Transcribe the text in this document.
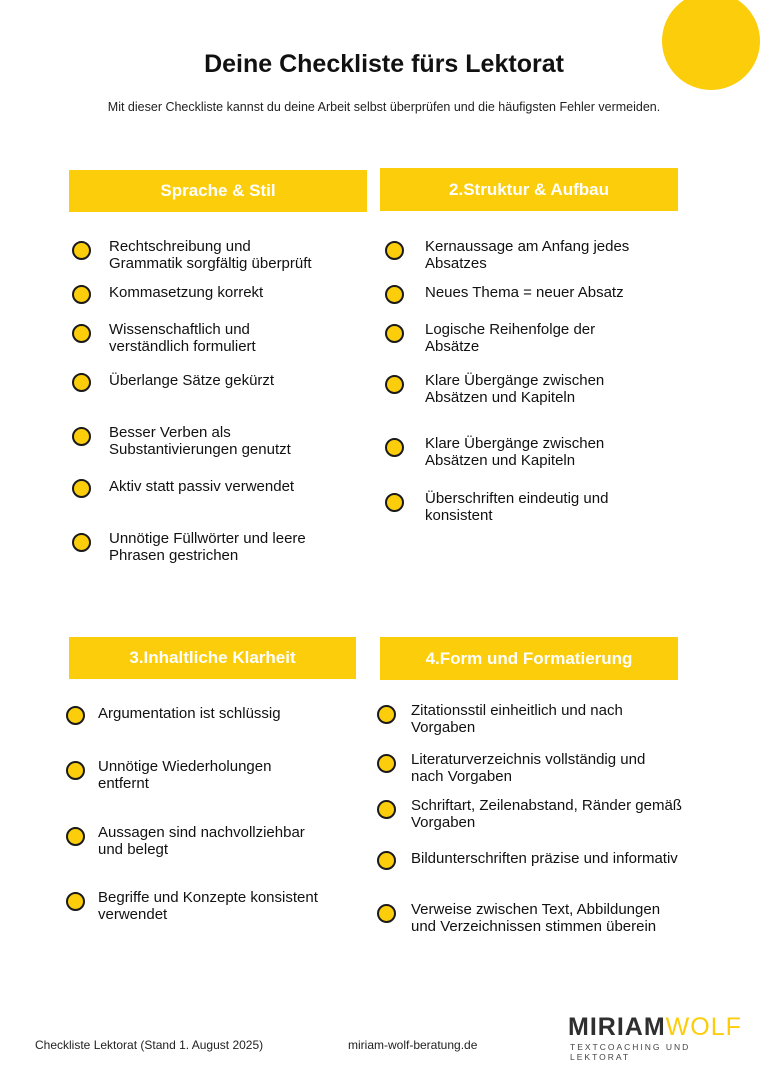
Deine Checkliste fürs Lektorat
Mit dieser Checkliste kannst du deine Arbeit selbst überprüfen und die häufigsten Fehler vermeiden.
Sprache & Stil
Rechtschreibung und
Grammatik sorgfältig überprüft
Kommasetzung korrekt
Wissenschaftlich und
verständlich formuliert
Überlange Sätze gekürzt
Besser Verben als
Substantivierungen genutzt
Aktiv statt passiv verwendet
Unnötige Füllwörter und leere
Phrasen gestrichen
2.Struktur & Aufbau
Kernaussage am Anfang jedes
Absatzes
Neues Thema = neuer Absatz
Logische Reihenfolge der
Absätze
Klare Übergänge zwischen
Absätzen und Kapiteln
Klare Übergänge zwischen
Absätzen und Kapiteln
Überschriften eindeutig und
konsistent
3.Inhaltliche Klarheit
Argumentation ist schlüssig
Unnötige Wiederholungen
entfernt
Aussagen sind nachvollziehbar
und belegt
Begriffe und Konzepte konsistent
verwendet
4.Form und Formatierung
Zitationsstil einheitlich und nach
Vorgaben
Literaturverzeichnis vollständig und
nach Vorgaben
Schriftart, Zeilenabstand, Ränder gemäß
Vorgaben
Bildunterschriften präzise und informativ
Verweise zwischen Text, Abbildungen
und Verzeichnissen stimmen überein
Checkliste Lektorat (Stand 1. August 2025)	miriam-wolf-beratung.de
MIRIAMWOLF
TEXTCOACHING UND LEKTORAT
